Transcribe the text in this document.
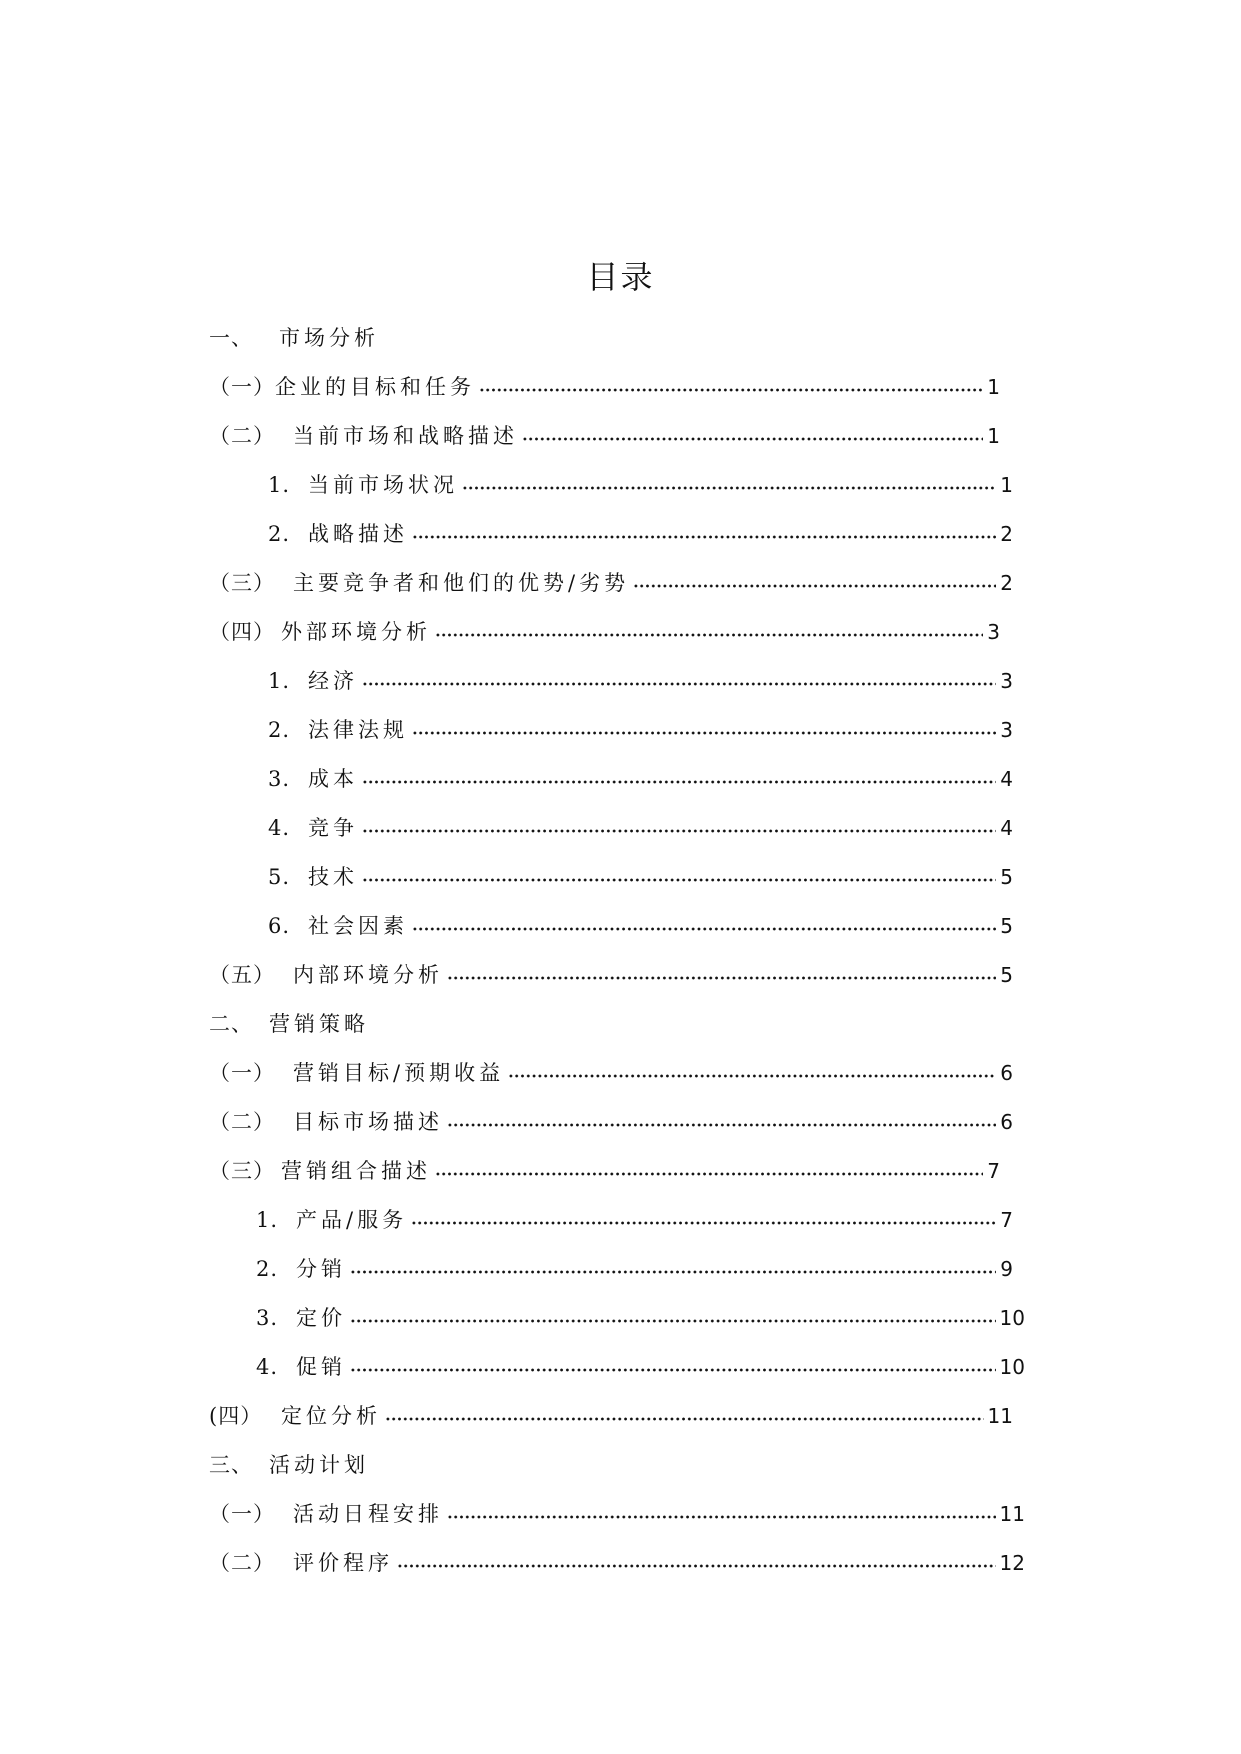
目录
一、	市场分析
（一） 企业的目标和任务	1
（二） 当前市场和战略描述	1
1. 当前市场状况	1
2. 战略描述	2
（三） 主要竞争者和他们的优势/劣势	2
（四） 外部环境分析	3
1. 经济	3
2. 法律法规	3
3. 成本	4
4. 竞争	4
5. 技术	5
6. 社会因素	5
（五） 内部环境分析	5
二、 营销策略
（一） 营销目标/预期收益	6
（二） 目标市场描述	6
（三） 营销组合描述	7
1. 产品/服务	7
2. 分销	9
3. 定价	10
4. 促销	10
(四） 定位分析	11
三、 活动计划
（一） 活动日程安排	11
（二） 评价程序	12
